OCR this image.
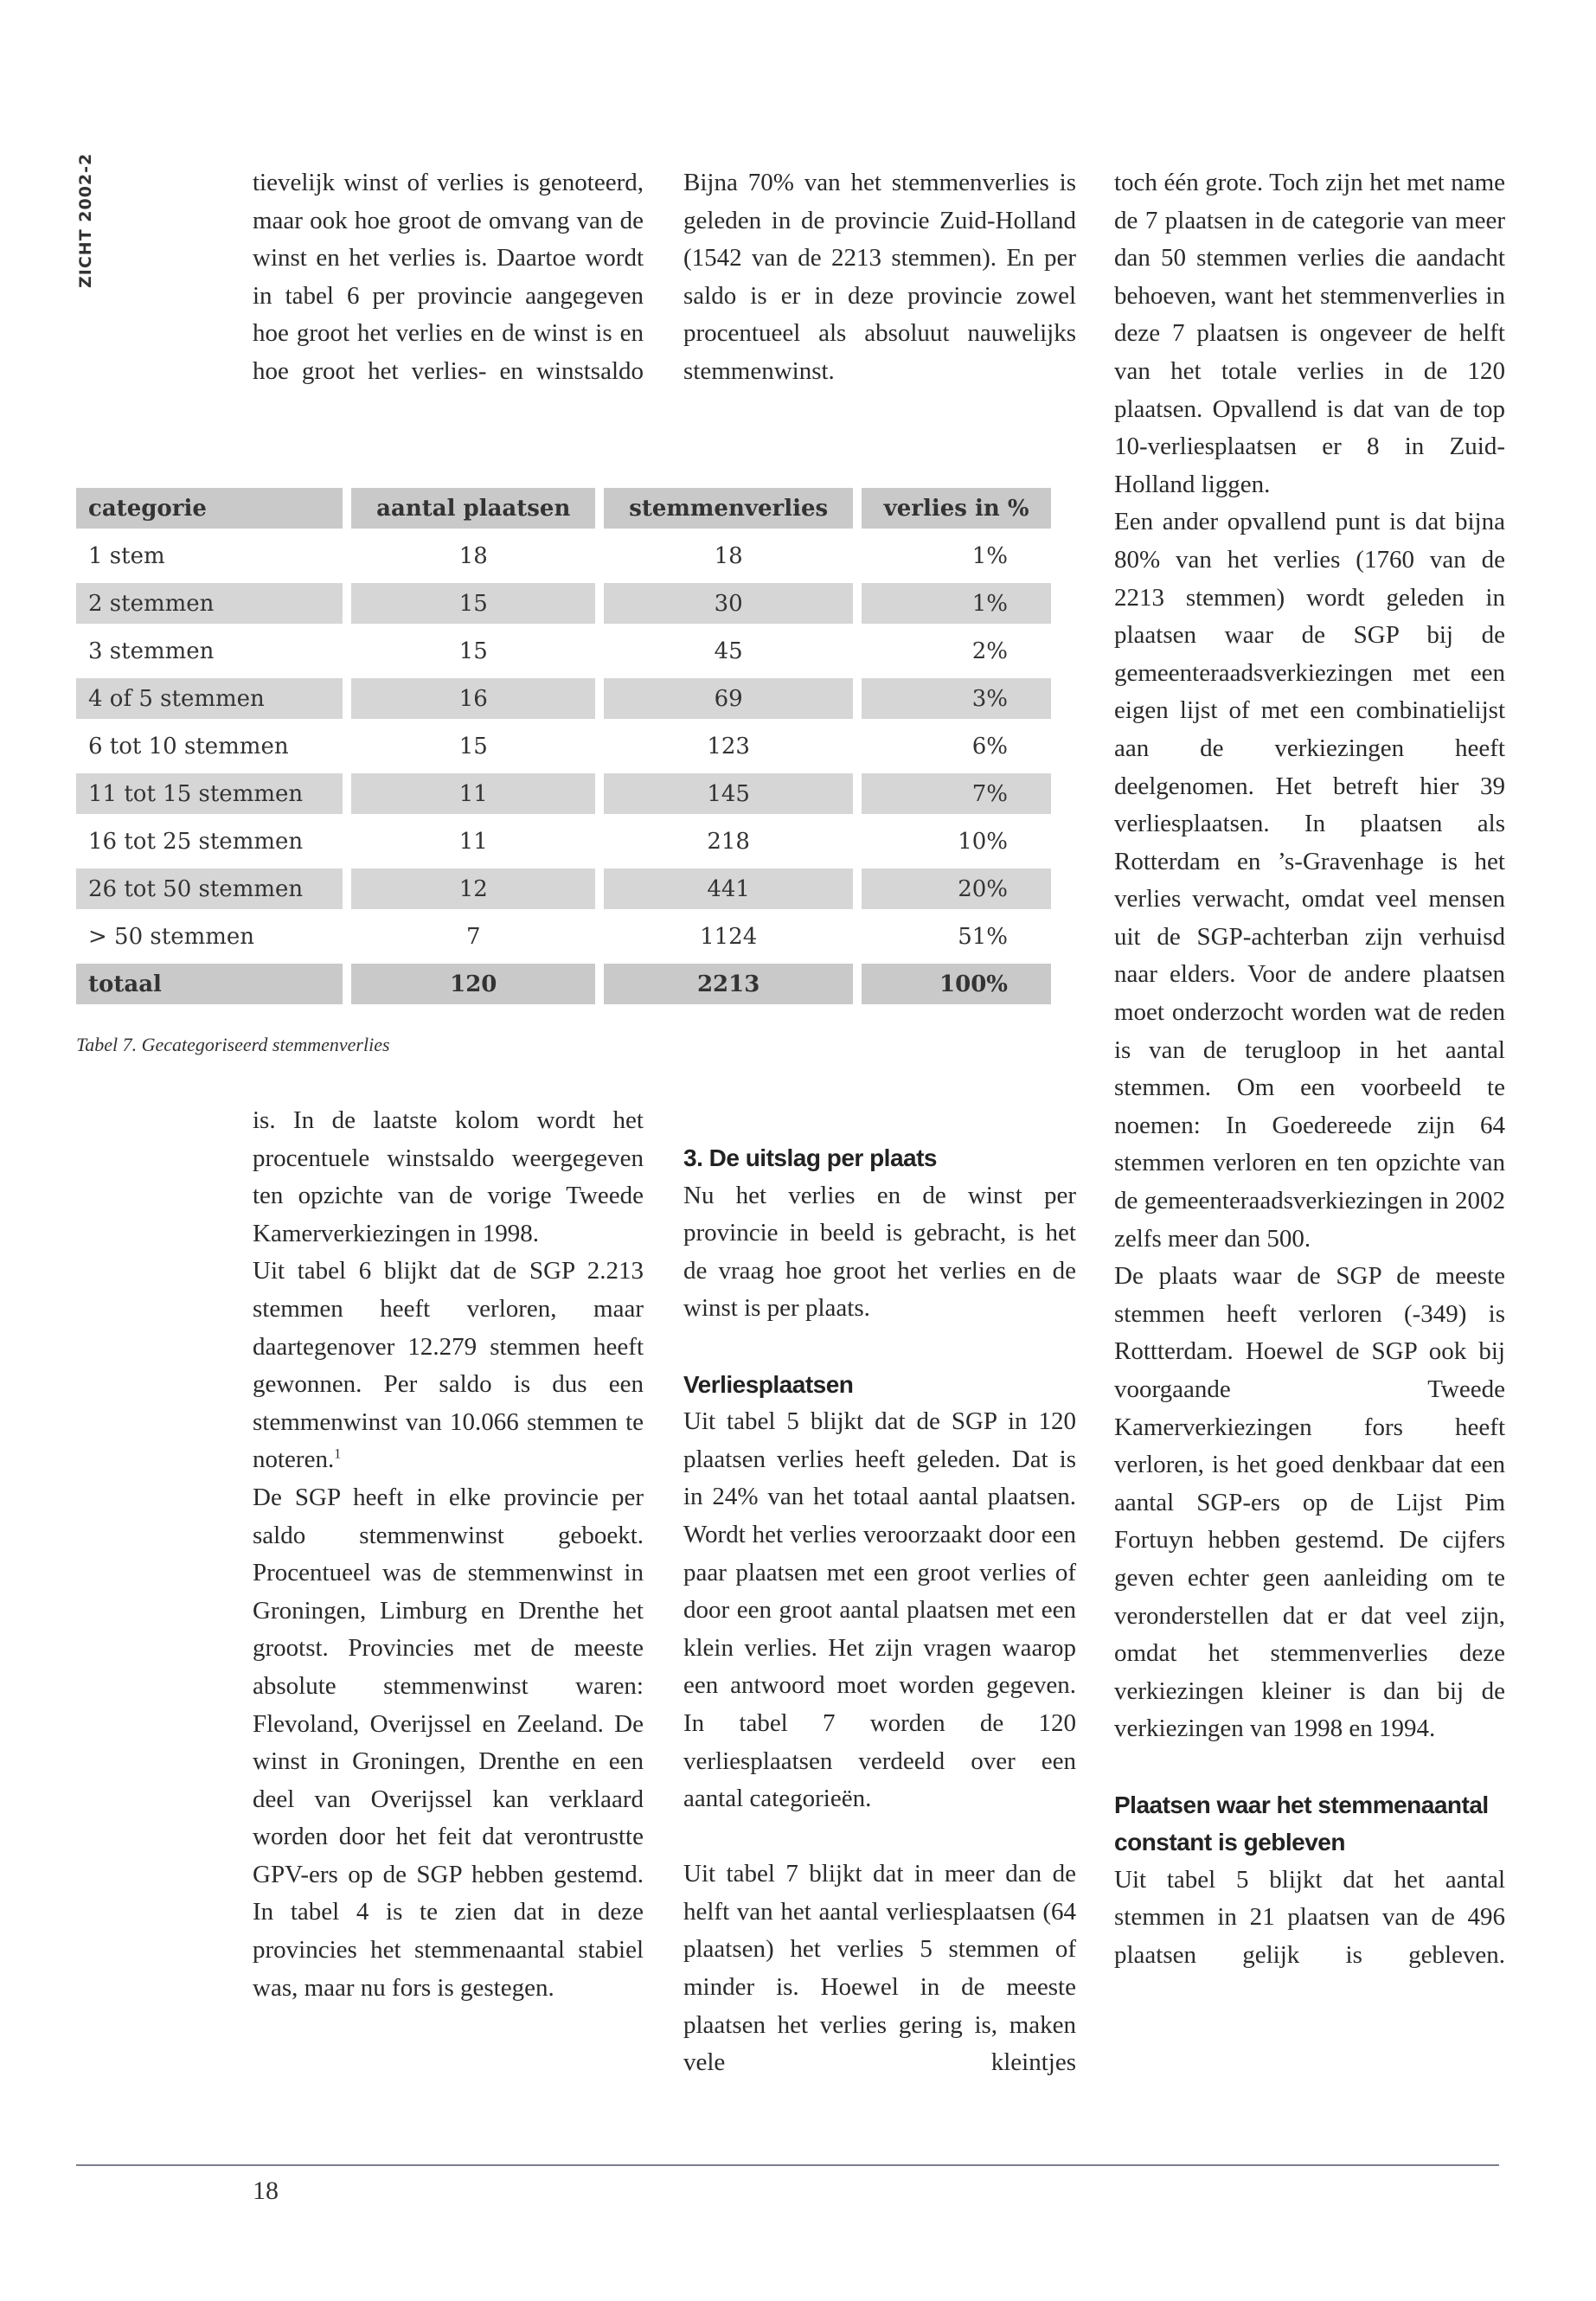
ZICHT 2002-2	tievelijk winst of verlies is genoteerd, maar ook hoe groot de omvang van de winst en het verlies is. Daartoe wordt in tabel 6 per provincie aangegeven hoe groot het verlies en de winst is en hoe groot het verlies- en winstsaldo

Bijna 70% van het stemmenverlies is geleden in de provincie Zuid-Holland (1542 van de 2213 stemmen). En per saldo is er in deze provincie zowel procentueel als absoluut nauwelijks stemmenwinst.

toch één grote. Toch zijn het met name de 7 plaatsen in de categorie van meer dan 50 stemmen verlies die aandacht behoeven, want het stemmenverlies in deze 7 plaatsen is ongeveer de helft van het totale verlies in de 120 plaatsen. Opvallend is dat van de top 10-verliesplaatsen er 8 in Zuid-Holland liggen.

Een ander opvallend punt is dat bijna 80% van het verlies (1760 van de 2213 stemmen) wordt geleden in plaatsen waar de SGP bij de gemeenteraadsverkiezingen met een eigen lijst of met een combinatielijst aan de verkiezingen heeft deelgenomen. Het betreft hier 39 verliesplaatsen. In plaatsen als Rotterdam en ’s-Gravenhage is het verlies verwacht, omdat veel mensen uit de SGP-achterban zijn verhuisd naar elders. Voor de andere plaatsen moet onderzocht worden wat de reden is van de terugloop in het aantal stemmen. Om een voorbeeld te noemen: In Goedereede zijn 64 stemmen verloren en ten opzichte van de gemeenteraadsverkiezingen in 2002 zelfs meer dan 500.

De plaats waar de SGP de meeste stemmen heeft verloren (-349) is Rottterdam. Hoewel de SGP ook bij voorgaande Tweede Kamerverkiezingen fors heeft verloren, is het goed denkbaar dat een aantal SGP-ers op de Lijst Pim Fortuyn hebben gestemd. De cijfers geven echter geen aanleiding om te veronderstellen dat er dat veel zijn, omdat het stemmenverlies deze verkiezingen kleiner is dan bij de verkiezingen van 1998 en 1994.

Plaatsen waar het stemmenaantal constant is gebleven

Uit tabel 5 blijkt dat het aantal stemmen in 21 plaatsen van de 496 plaatsen gelijk is gebleven.

categorie	aantal plaatsen	stemmenverlies	verlies in %
1 stem	18	18	1%
2 stemmen	15	30	1%
3 stemmen	15	45	2%
4 of 5 stemmen	16	69	3%
6 tot 10 stemmen	15	123	6%
11 tot 15 stemmen	11	145	7%
16 tot 25 stemmen	11	218	10%
26 tot 50 stemmen	12	441	20%
> 50 stemmen	7	1124	51%
totaal	120	2213	100%
Tabel 7. Gecategoriseerd stemmenverlies

is. In de laatste kolom wordt het procentuele winstsaldo weergegeven ten opzichte van de vorige Tweede Kamerverkiezingen in 1998.

Uit tabel 6 blijkt dat de SGP 2.213 stemmen heeft verloren, maar daartegenover 12.279 stemmen heeft gewonnen. Per saldo is dus een stemmenwinst van 10.066 stemmen te noteren.$^1$

De SGP heeft in elke provincie per saldo stemmenwinst geboekt. Procentueel was de stemmenwinst in Groningen, Limburg en Drenthe het grootst. Provincies met de meeste absolute stemmenwinst waren: Flevoland, Overijssel en Zeeland. De winst in Groningen, Drenthe en een deel van Overijssel kan verklaard worden door het feit dat verontrustte GPV-ers op de SGP hebben gestemd. In tabel 4 is te zien dat in deze provincies het stemmenaantal stabiel was, maar nu fors is gestegen.

3. De uitslag per plaats

Nu het verlies en de winst per provincie in beeld is gebracht, is het de vraag hoe groot het verlies en de winst is per plaats.

Verliesplaatsen

Uit tabel 5 blijkt dat de SGP in 120 plaatsen verlies heeft geleden. Dat is in 24% van het totaal aantal plaatsen. Wordt het verlies veroorzaakt door een paar plaatsen met een groot verlies of door een groot aantal plaatsen met een klein verlies. Het zijn vragen waarop een antwoord moet worden gegeven. In tabel 7 worden de 120 verliesplaatsen verdeeld over een aantal categorieën.

Uit tabel 7 blijkt dat in meer dan de helft van het aantal verliesplaatsen (64 plaatsen) het verlies 5 stemmen of minder is. Hoewel in de meeste plaatsen het verlies gering is, maken vele kleintjes

18
